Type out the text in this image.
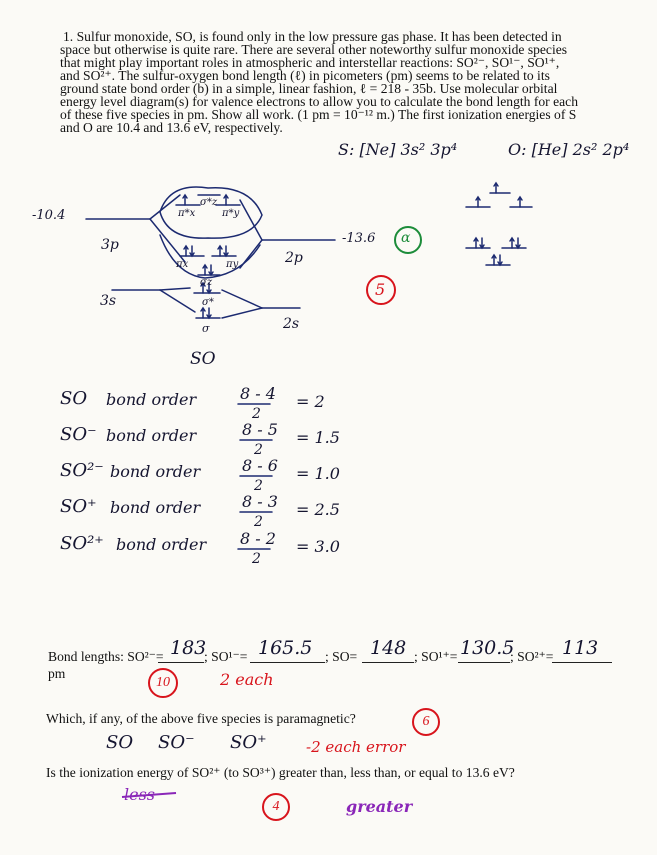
1. Sulfur monoxide, SO, is found only in the low pressure gas phase. It has been detected in
space but otherwise is quite rare. There are several other noteworthy sulfur monoxide species
that might play important roles in atmospheric and interstellar reactions: SO²⁻, SO¹⁻, SO¹⁺,
and SO²⁺. The sulfur-oxygen bond length (ℓ) in picometers (pm) seems to be related to its
ground state bond order (b) in a simple, linear fashion, ℓ = 218 - 35b. Use molecular orbital
energy level diagram(s) for valence electrons to allow you to calculate the bond length for each
of these five species in pm. Show all work. (1 pm = 10⁻¹² m.) The first ionization energies of S
and O are 10.4 and 13.6 eV, respectively.
S: [Ne] 3s² 3p⁴	O: [He] 2s² 2p⁴
-10.4
-13.6
3p
3s
2p
2s
π*x	π*y
σ*z
πx	πy
σz
σ*
σ
SO
α
5
SO bond order	8 - 4
2
= 2
SO⁻ bond order	8 - 5
2
= 1.5
SO²⁻ bond order	8 - 6
2
= 1.0
SO⁺ bond order	8 - 3
2
= 2.5
SO²⁺ bond order 8 - 2
2
= 3.0
Bond lengths: SO²⁻= 183
; SO¹⁻= 165.5 ; SO= 148 ; SO¹⁺= 130.5
; SO²⁺= 113
pm
10	2 each
Which, if any, of the above five species is paramagnetic?	6
SO SO⁻ SO⁺	-2 each error
Is the ionization energy of SO²⁺ (to SO³⁺) greater than, less than, or equal to 13.6 eV?
less
4	greater
